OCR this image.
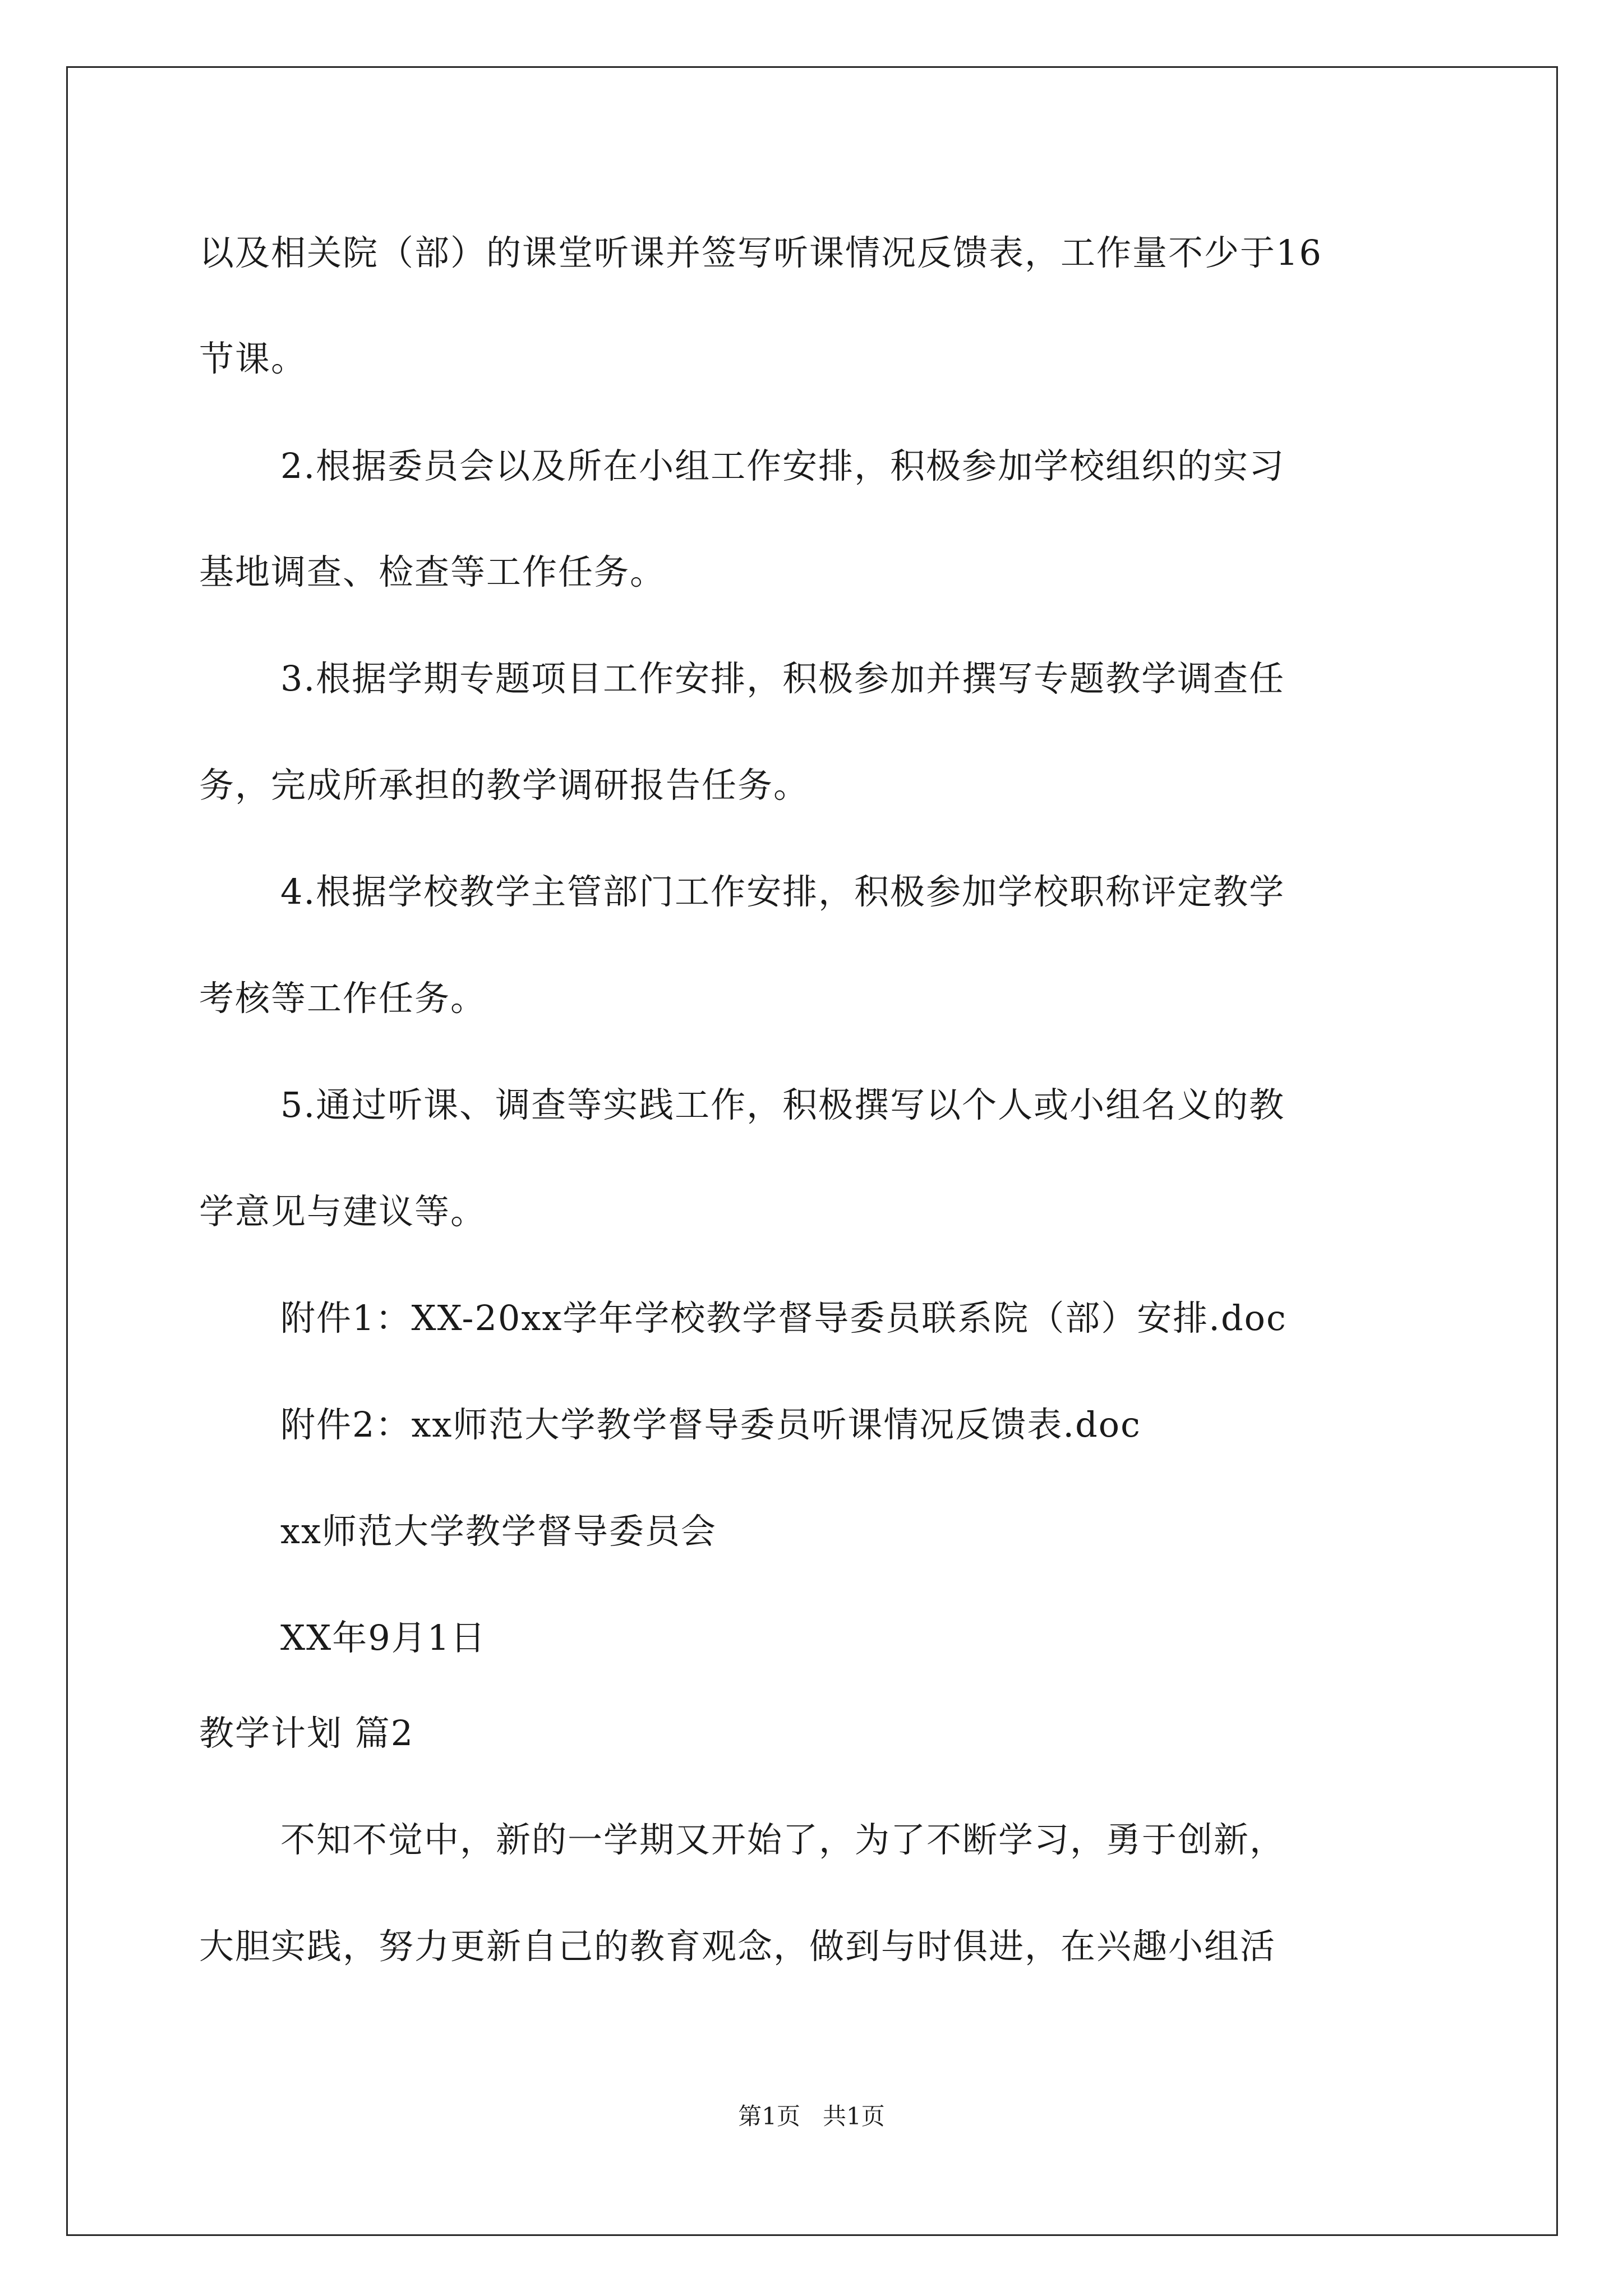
以及相关院（部）的课堂听课并签写听课情况反馈表，工作量不少于16
节课。
2.根据委员会以及所在小组工作安排，积极参加学校组织的实习
基地调查、检查等工作任务。
3.根据学期专题项目工作安排，积极参加并撰写专题教学调查任
务，完成所承担的教学调研报告任务。
4.根据学校教学主管部门工作安排，积极参加学校职称评定教学
考核等工作任务。
5.通过听课、调查等实践工作，积极撰写以个人或小组名义的教
学意见与建议等。
附件1：XX-20xx学年学校教学督导委员联系院（部）安排.doc
附件2：xx师范大学教学督导委员听课情况反馈表.doc
xx师范大学教学督导委员会
XX年9月1日
教学计划 篇2
不知不觉中，新的一学期又开始了，为了不断学习，勇于创新，
大胆实践，努力更新自己的教育观念，做到与时俱进，在兴趣小组活
第1页   共1页
